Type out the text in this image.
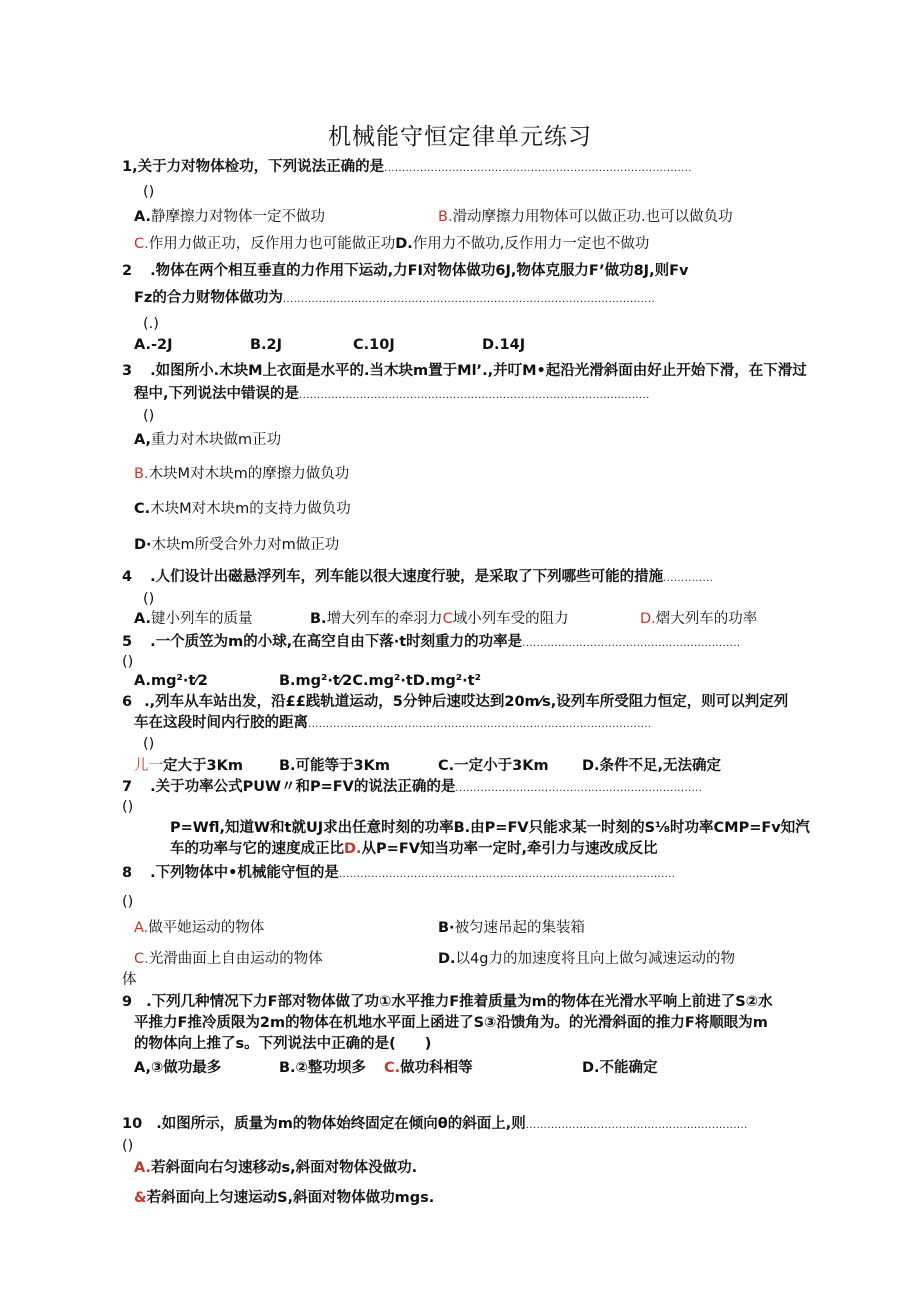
机械能守恒定律单元练习
1,关于力对物体检功，下列说法正确的是......................................................................................
()
A.静摩擦力对物体一定不做功	B.滑动摩擦力用物体可以做正功.也可以做负功
C.作用力做正功，反作用力也可能做正功D.作用力不做功,反作用力一定也不做功
2 .物体在两个相互垂直的力作用下运动,力FI对物体做功6J,物体克服力F’做功8J,则Fv
Fz的合力财物体做功为........................................................................................................
(.)
A.-2J	B.2J	C.10J	D.14J
3 .如图所小.木块M上衣面是水平的.当木块m置于Ml’.,并叮M•起沿光滑斜面由好止开始下滑，在下滑过
程中,下列说法中错误的是..................................................................................................
()
A,重力对木块做m正功
B.木块M对木块m的摩擦力做负功
C.木块M对木块m的支持力做负功
D·木块m所受合外力对m做正功
4 .人们设计出磁悬浮列车，列车能以很大速度行驶，是采取了下列哪些可能的措施..............
()
A.键小列车的质量	B.增大列车的牵羽力C域小列车受的阻力	D.熠大列车的功率
5 .一个质笠为m的小球,在高空自由下落·t时刻重力的功率是.............................................................
()
A.mg²·t⁄2	B.mg²·t⁄2C.mg²·tD.mg²·t²
6 .,列车从车站出发，沿££践轨道运动，5分钟后速哎达到20m⁄s,设列车所受阻力恒定，则可以判定列
车在这段时间内行胶的距离................................................................................................
()
儿一定大于3Km B.可能等于3Km	C.一定小于3Km D.条件不足,无法确定
7 .关于功率公式PUW〃和P=FV的说法正确的是.....................................................................
()
P=Wfl,知道W和t就UJ求出任意时刻的功率B.由P=FV只能求某一时刻的S⅛时功率CMP=Fv知汽
车的功率与它的速度成正比D.从P=FV知当功率一定时,牵引力与速改成反比
8 .下列物体中•机械能守恒的是..............................................................................................
()
A.做平她运动的物体	B·被匀速吊起的集装箱
C.光滑曲面上自由运动的物体	D.以4g力的加速度将且向上做匀减速运动的物
体
9 .下列几种情况下力F部对物体做了功①水平推力F推着质量为m的物体在光滑水平响上前进了S②水
平推力F推冷质限为2m的物体在机地水平面上函进了S③沿馈角为。的光滑斜面的推力F将顺眼为m
的物体向上推了s。下列说法中正确的是(　　)
A,③做功最多	B.②整功坝多 C.做功科相等	D.不能确定
10 .如图所示，质量为m的物体始终固定在倾向θ的斜面上,则..............................................................
()
A.若斜面向右匀速移动s,斜面对物体没做功.
&若斜面向上匀速运动S,斜面对物体做功mgs.
